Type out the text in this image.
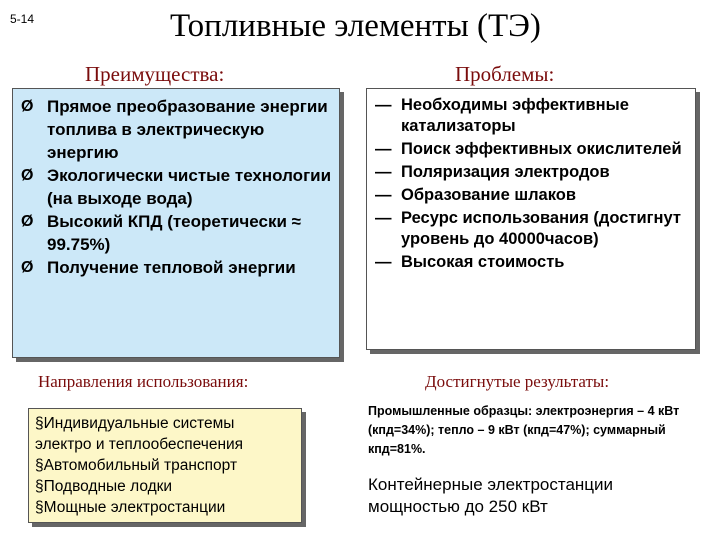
5-14	Топливные элементы (ТЭ)
Преимущества:	Проблемы:
Ø Прямое преобразование энергии топлива в электрическую энергию
Ø Экологически чистые технологии (на выходе вода)
Ø Высокий КПД (теоретически ≈ 99.75%)
Ø Получение тепловой энергии
— Необходимы эффективные катализаторы
— Поиск эффективных окислителей
— Поляризация электродов
— Образование шлаков
— Ресурс использования (достигнут уровень до 40000часов)
— Высокая стоимость
Направления использования:	Достигнутые результаты:
§Индивидуальные системы электро и теплообеспечения
§Автомобильный транспорт
§Подводные лодки
§Мощные электростанции
Промышленные образцы: электроэнергия – 4 кВт (кпд=34%); тепло – 9 кВт (кпд=47%); суммарный кпд=81%.
Контейнерные электростанции мощностью до 250 кВт
